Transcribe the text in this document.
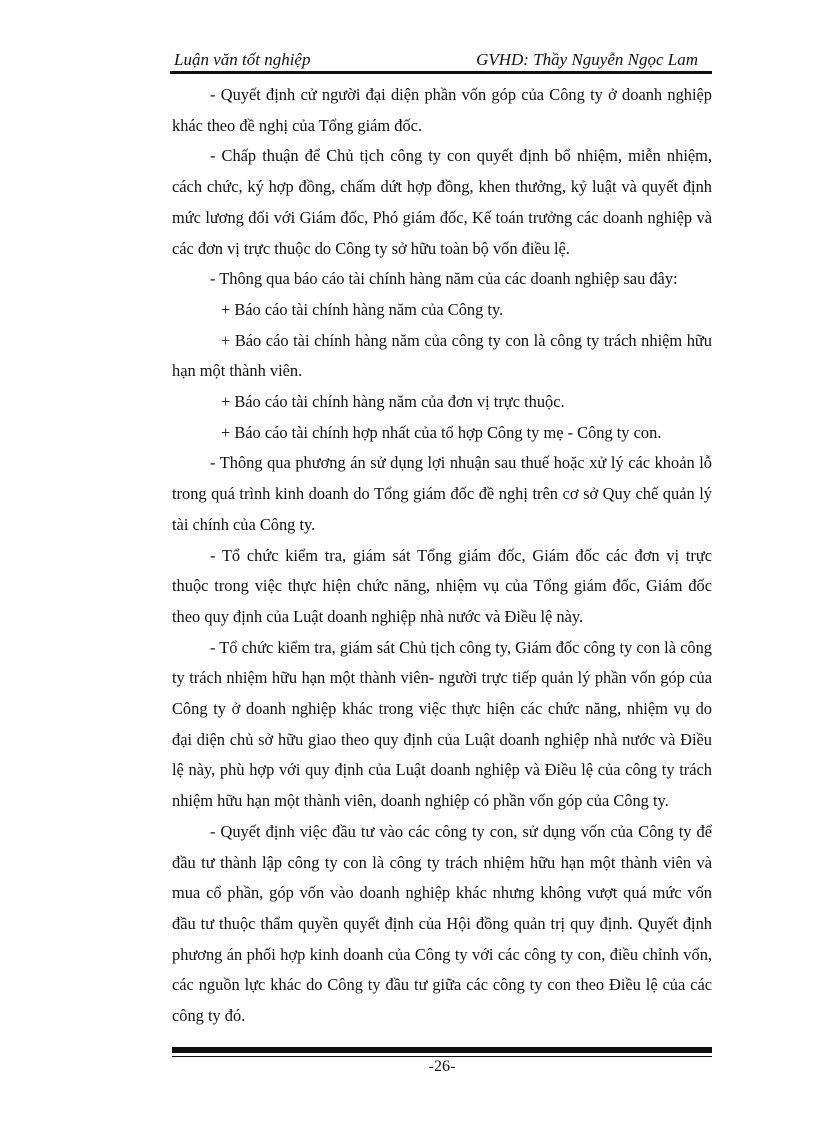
Luận văn tốt nghiệp	GVHD: Thầy Nguyễn Ngọc Lam

- Quyết định cử người đại diện phần vốn góp của Công ty ở doanh nghiệp khác theo đề nghị của Tổng giám đốc.

- Chấp thuận để Chủ tịch công ty con quyết định bổ nhiệm, miễn nhiệm, cách chức, ký hợp đồng, chấm dứt hợp đồng, khen thưởng, kỷ luật và quyết định mức lương đối với Giám đốc, Phó giám đốc, Kế toán trưởng các doanh nghiệp và các đơn vị trực thuộc do Công ty sở hữu toàn bộ vốn điều lệ.

- Thông qua báo cáo tài chính hàng năm của các doanh nghiệp sau đây:

+ Báo cáo tài chính hàng năm của Công ty.

+ Báo cáo tài chính hàng năm của công ty con là công ty trách nhiệm hữu hạn một thành viên.

+ Báo cáo tài chính hàng năm của đơn vị trực thuộc.

+ Báo cáo tài chính hợp nhất của tổ hợp Công ty mẹ - Công ty con.

- Thông qua phương án sử dụng lợi nhuận sau thuế hoặc xử lý các khoản lỗ trong quá trình kinh doanh do Tổng giám đốc đề nghị trên cơ sở Quy chế quản lý tài chính của Công ty.

- Tổ chức kiểm tra, giám sát Tổng giám đốc, Giám đốc các đơn vị trực thuộc trong việc thực hiện chức năng, nhiệm vụ của Tổng giám đốc, Giám đốc theo quy định của Luật doanh nghiệp nhà nước và Điều lệ này.

- Tổ chức kiểm tra, giám sát Chủ tịch công ty, Giám đốc công ty con là công ty trách nhiệm hữu hạn một thành viên- người trực tiếp quản lý phần vốn góp của Công ty ở doanh nghiệp khác trong việc thực hiện các chức năng, nhiệm vụ do đại diện chủ sở hữu giao theo quy định của Luật doanh nghiệp nhà nước và Điều lệ này, phù hợp với quy định của Luật doanh nghiệp và Điều lệ của công ty trách nhiệm hữu hạn một thành viên, doanh nghiệp có phần vốn góp của Công ty.

- Quyết định việc đầu tư vào các công ty con, sử dụng vốn của Công ty để đầu tư thành lập công ty con là công ty trách nhiệm hữu hạn một thành viên và mua cổ phần, góp vốn vào doanh nghiệp khác nhưng không vượt quá mức vốn đầu tư thuộc thẩm quyền quyết định của Hội đồng quản trị quy định. Quyết định phương án phối hợp kinh doanh của Công ty với các công ty con, điều chỉnh vốn, các nguồn lực khác do Công ty đầu tư giữa các công ty con theo Điều lệ của các công ty đó.

-26-
